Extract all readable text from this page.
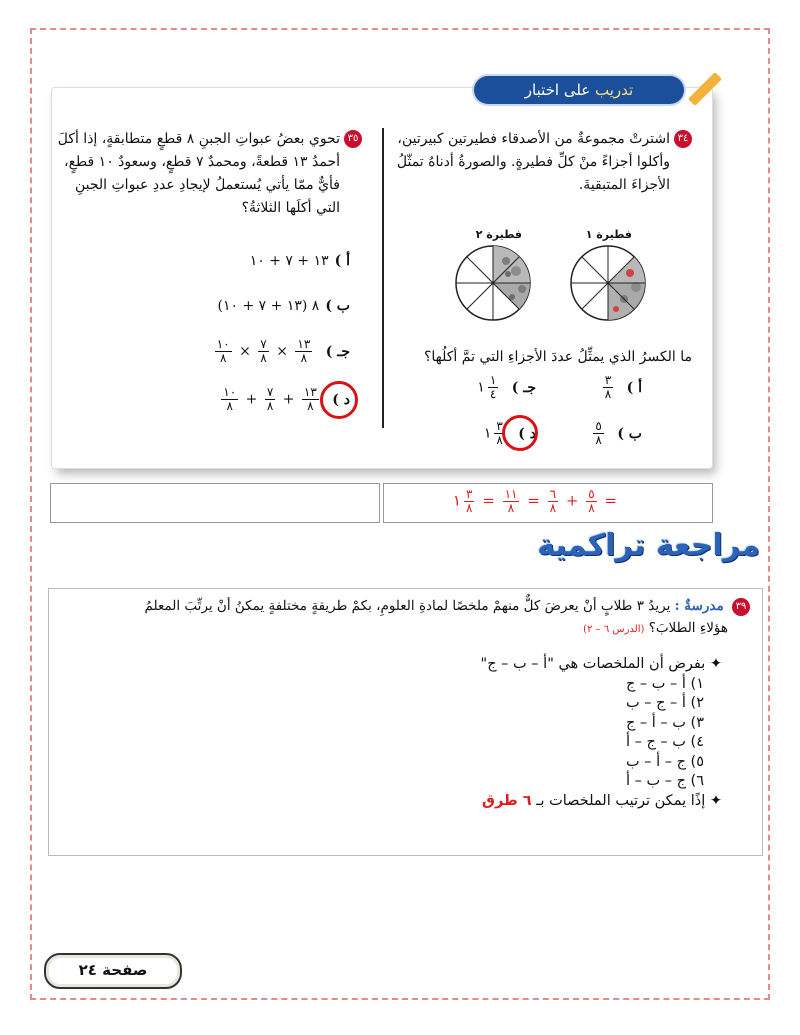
تدريب على اختبار
٣٤اشترتْ مجموعةٌ من الأصدقاء فطيرتين كبيرتين،
وأكلوا أجزاءً منْ كلِّ فطيرةٍ. والصورةُ أدناهُ تمثّلُ
الأجزاءَ المتبقيةَ.
فطيرة ١
فطيرة ٢
ما الكسرُ الذي يمثِّلُ عددَ الأجزاءِ التي تمَّ أكلُها؟
أ )
$\frac{٣}{٨}$
جـ )
$\frac{١}{٤}$
١
ب )
$\frac{٥}{٨}$
د )
$\frac{٣}{٨}$
١
٣٥تحوي بعضُ عبواتِ الجبنِ ٨ قطعٍ متطابقةٍ، إذا أكلَ
أحمدُ ١٣ قطعةً، ومحمدٌ ٧ قطعٍ، وسعودٌ ١٠ قطعٍ،
فأيٌّ ممّا يأتي يُستعملُ لإيجادِ عددِ عبواتِ الجبنِ
التي أكلَها الثلاثةُ؟
أ )١٣ + ٧ + ١٠
ب )٨ (١٣ + ٧ + ١٠)
جـ )
$\frac{١٣}{٨}$
×
$\frac{٧}{٨}$
×
$\frac{١٠}{٨}$
د )
$\frac{١٣}{٨}$
+
$\frac{٧}{٨}$
+
$\frac{١٠}{٨}$
١ $\frac{٣}{٨} = \frac{١١}{٨} = \frac{٦}{٨} + \frac{٥}{٨}$ =
مراجعة تراكمية
٣٩ مدرسةٌ : يريدُ ٣ طلابٍ أنْ يعرضَ كلٌّ منهمْ ملخصًا لمادةِ العلومِ، بكمْ طريقةٍ مختلفةٍ يمكنُ أنْ يرتِّبَ المعلمُ
هؤلاءِ الطلابَ؟ (الدرس ٦ – ٢)
✦ بفرض أن الملخصات هي "أ – ب – ج"
١) أ – ب – ج
٢) أ – ج – ب
٣) ب – أ – ج
٤) ب – ج – أ
٥) ج – أ – ب
٦) ج – ب – أ
✦ إذًا يمكن ترتيب الملخصات بـ ٦ طرق
صفحة ٢٤
